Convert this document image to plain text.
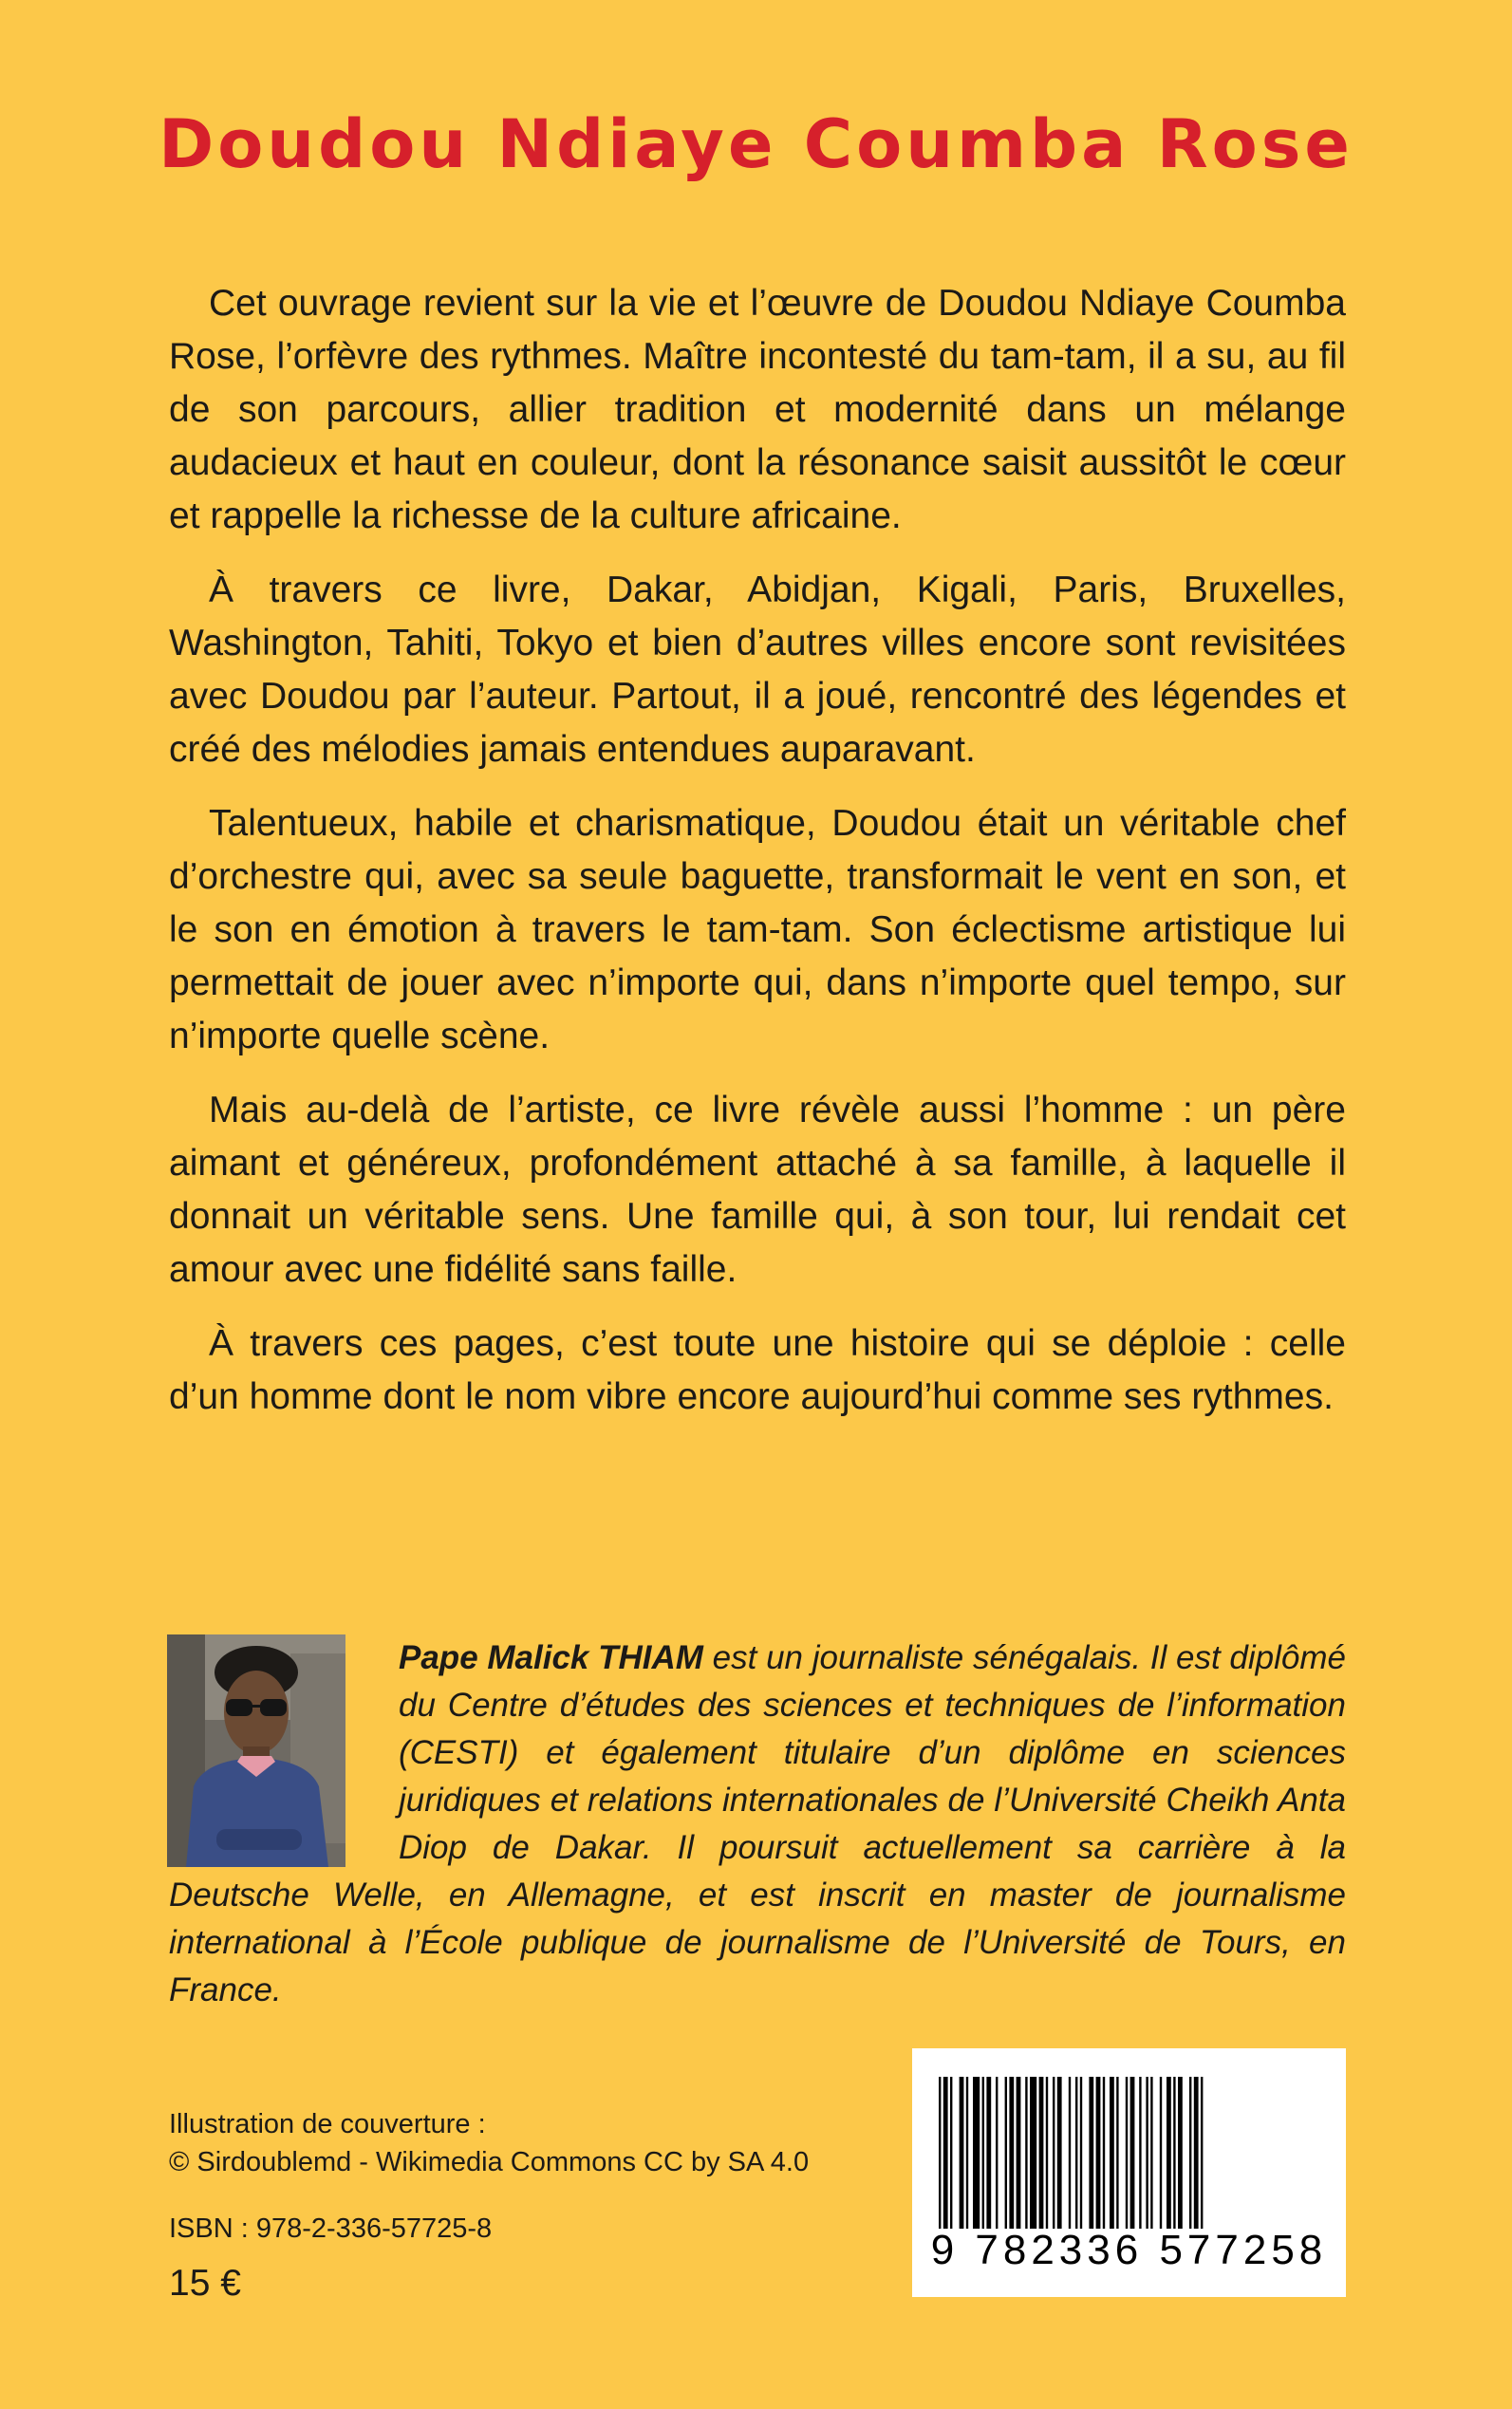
Doudou Ndiaye Coumba Rose

Cet ouvrage revient sur la vie et l’œuvre de Doudou Ndiaye Coumba Rose, l’orfèvre des rythmes. Maître incontesté du tam-tam, il a su, au fil de son parcours, allier tradition et modernité dans un mélange audacieux et haut en couleur, dont la résonance saisit aussitôt le cœur et rappelle la richesse de la culture africaine.

À travers ce livre, Dakar, Abidjan, Kigali, Paris, Bruxelles, Washington, Tahiti, Tokyo et bien d’autres villes encore sont revisitées avec Doudou par l’auteur. Partout, il a joué, rencontré des légendes et créé des mélodies jamais entendues auparavant.

Talentueux, habile et charismatique, Doudou était un véritable chef d’orchestre qui, avec sa seule baguette, transformait le vent en son, et le son en émotion à travers le tam-tam. Son éclectisme artistique lui permettait de jouer avec n’importe qui, dans n’importe quel tempo, sur n’importe quelle scène.

Mais au-delà de l’artiste, ce livre révèle aussi l’homme : un père aimant et généreux, profondément attaché à sa famille, à laquelle il donnait un véritable sens. Une famille qui, à son tour, lui rendait cet amour avec une fidélité sans faille.

À travers ces pages, c’est toute une histoire qui se déploie : celle d’un homme dont le nom vibre encore aujourd’hui comme ses rythmes.

Pape Malick THIAM est un journaliste sénégalais. Il est diplômé du Centre d’études des sciences et techniques de l’information (CESTI) et également titulaire d’un diplôme en sciences juridiques et relations internationales de l’Université Cheikh Anta Diop de Dakar. Il poursuit actuellement sa carrière à la Deutsche Welle, en Allemagne, et est inscrit en master de journalisme international à l’École publique de journalisme de l’Université de Tours, en France.
Illustration de couverture :
© Sirdoublemd - Wikimedia Commons CC by SA 4.0
ISBN : 978-2-336-57725-8
15 €
9 782336 577258
